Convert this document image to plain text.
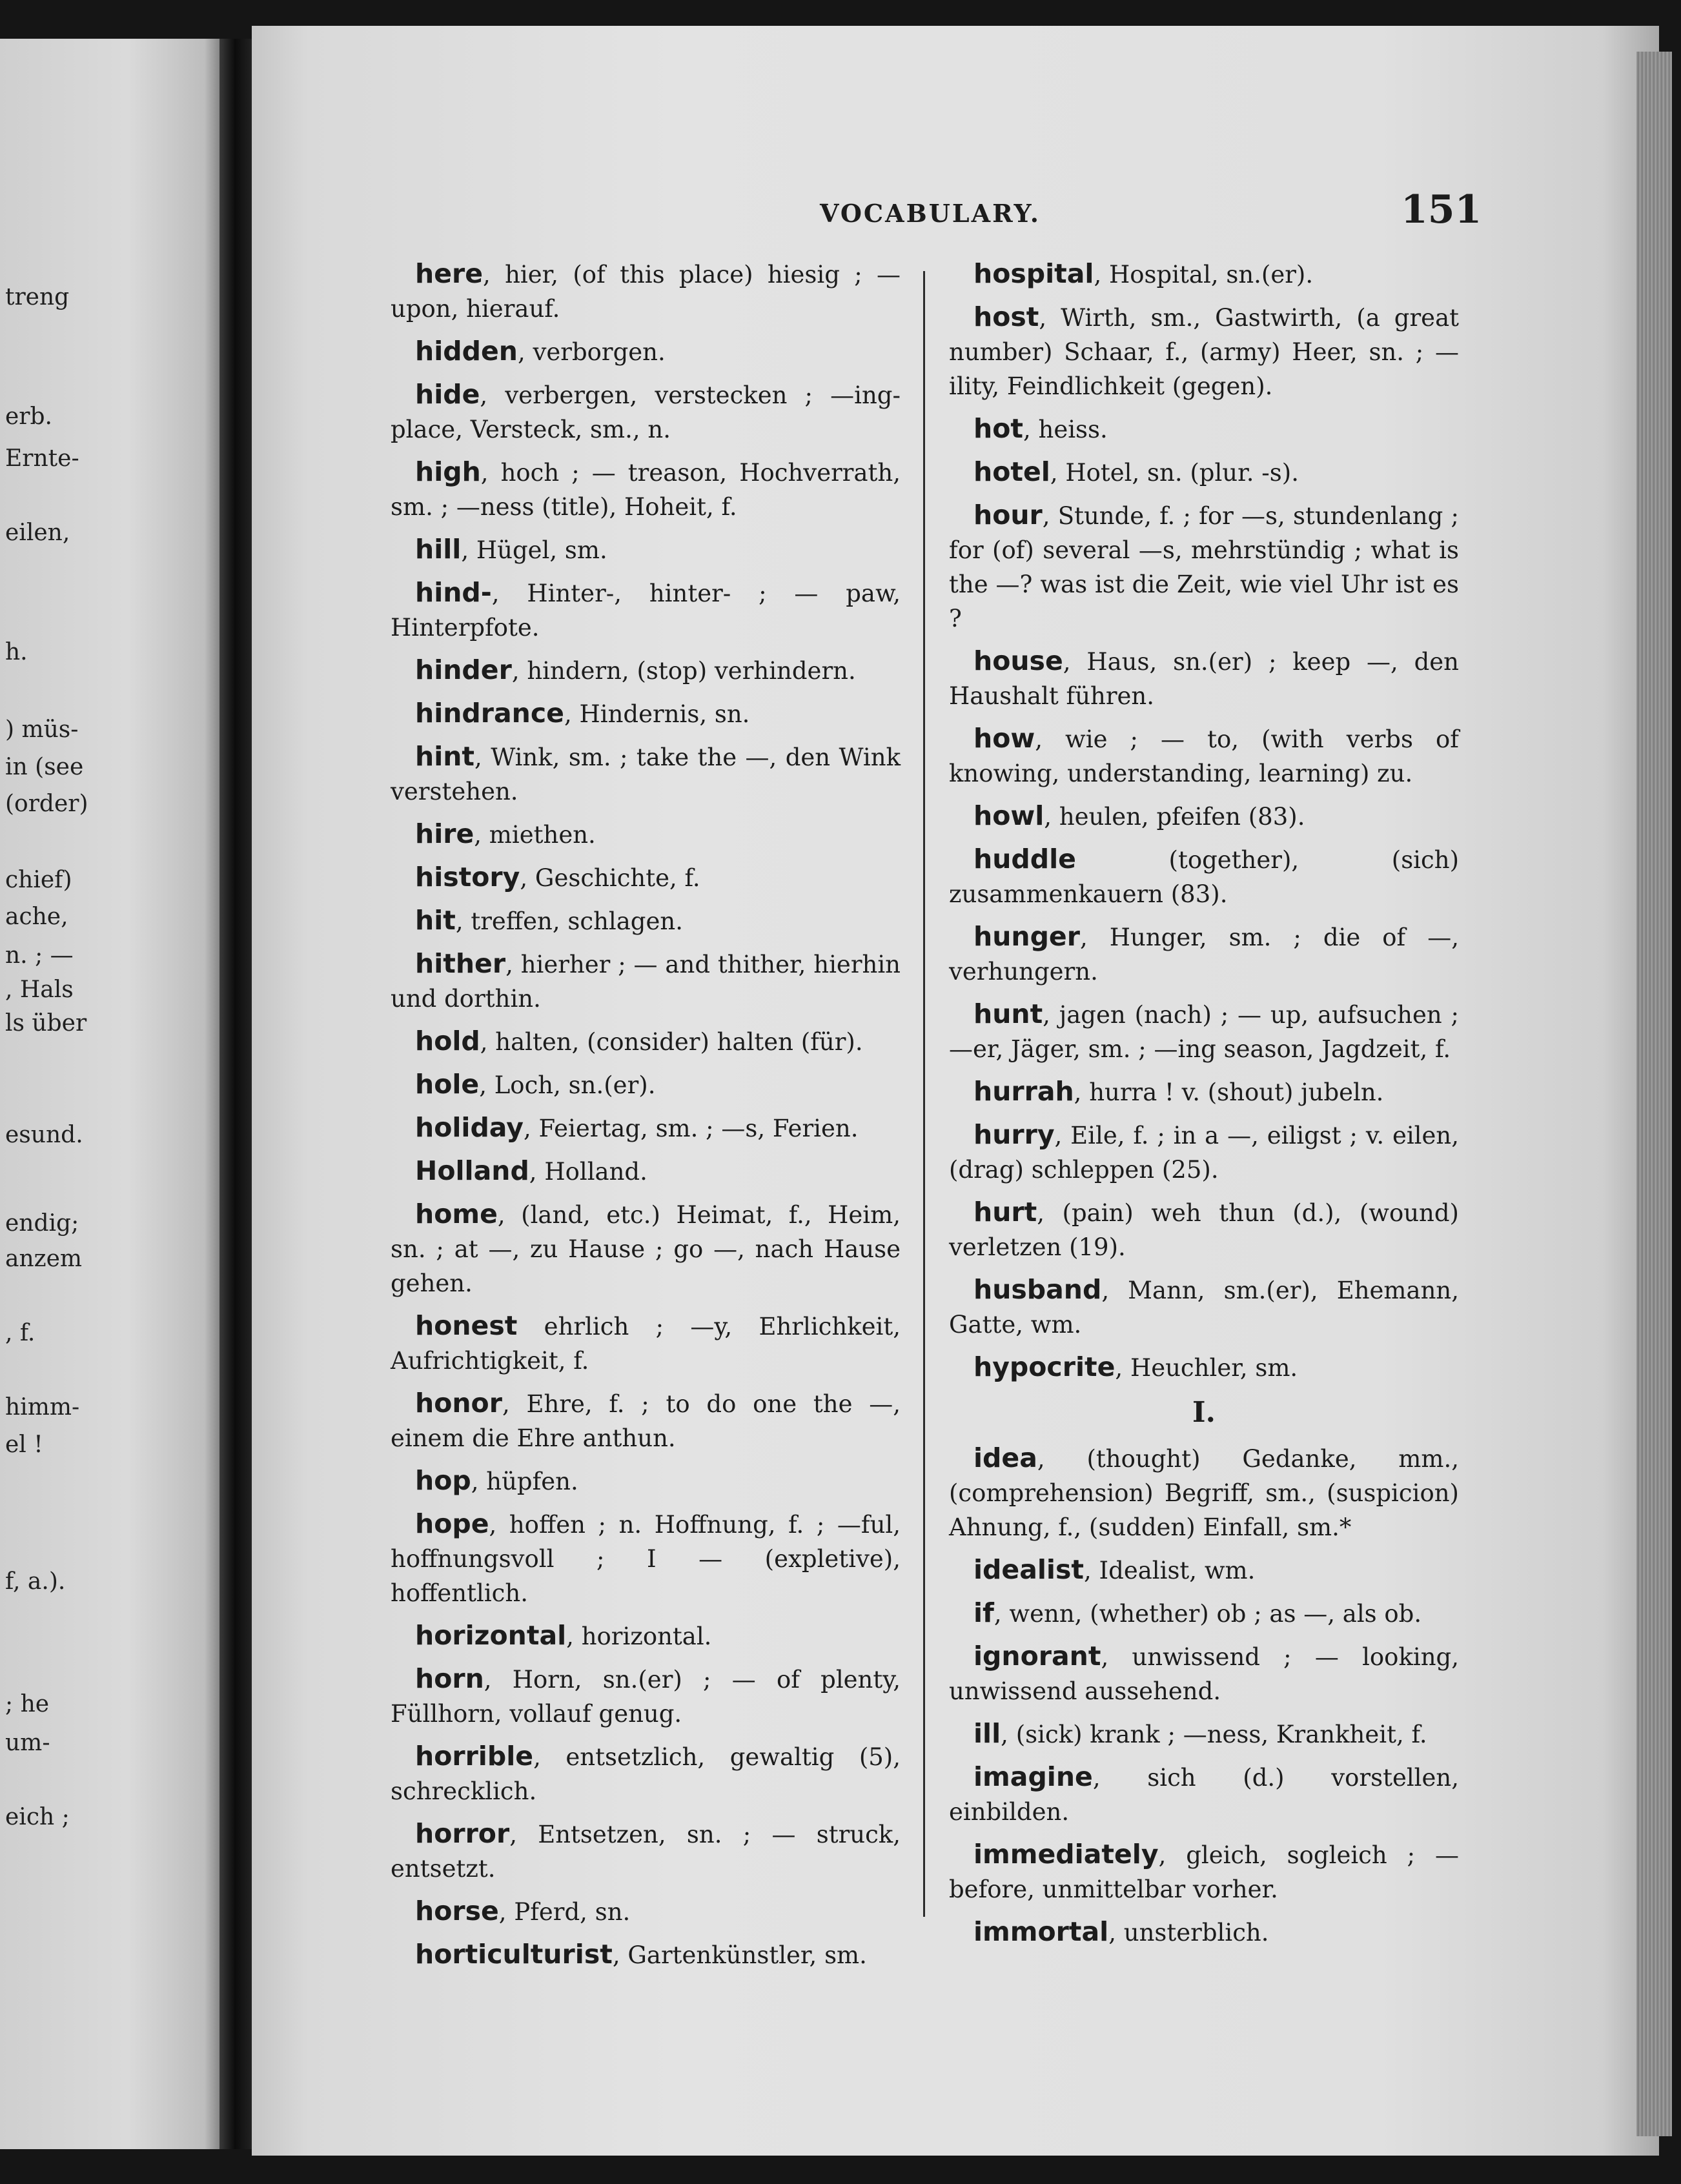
treng
erb.
Ernte-
eilen,
h.
) müs-
in (see
(order)
chief)
ache,
n. ; —
, Hals
ls über
esund.
endig;
anzem
, f.
himm-
el !
f, a.).
; he
um-
eich ;
VOCABULARY.	151
here, hier, (of this place) hiesig ; — upon, hierauf.
hidden, verborgen.
hide, verbergen, verstecken ; —ing-place, Versteck, sm., n.
high, hoch ; — treason, Hochverrath, sm. ; —ness (title), Hoheit, f.
hill, Hügel, sm.
hind-, Hinter-, hinter- ; — paw, Hinterpfote.
hinder, hindern, (stop) verhindern.
hindrance, Hindernis, sn.
hint, Wink, sm. ; take the —, den Wink verstehen.
hire, miethen.
history, Geschichte, f.
hit, treffen, schlagen.
hither, hierher ; — and thither, hierhin und dorthin.
hold, halten, (consider) halten (für).
hole, Loch, sn.(er).
holiday, Feiertag, sm. ; —s, Ferien.
Holland, Holland.
home, (land, etc.) Heimat, f., Heim, sn. ; at —, zu Hause ; go —, nach Hause gehen.
honest ehrlich ; —y, Ehrlichkeit, Aufrichtigkeit, f.
honor, Ehre, f. ; to do one the —, einem die Ehre anthun.
hop, hüpfen.
hope, hoffen ; n. Hoffnung, f. ; —ful, hoffnungsvoll ; I — (expletive), hoffentlich.
horizontal, horizontal.
horn, Horn, sn.(er) ; — of plenty, Füllhorn, vollauf genug.
horrible, entsetzlich, gewaltig (5), schrecklich.
horror, Entsetzen, sn. ; — struck, entsetzt.
horse, Pferd, sn.
horticulturist, Gartenkünstler, sm.
hospital, Hospital, sn.(er).
host, Wirth, sm., Gastwirth, (a great number) Schaar, f., (army) Heer, sn. ; —ility, Feindlichkeit (gegen).
hot, heiss.
hotel, Hotel, sn. (plur. -s).
hour, Stunde, f. ; for —s, stundenlang ; for (of) several —s, mehrstündig ; what is the —? was ist die Zeit, wie viel Uhr ist es ?
house, Haus, sn.(er) ; keep —, den Haushalt führen.
how, wie ; — to, (with verbs of knowing, understanding, learning) zu.
howl, heulen, pfeifen (83).
huddle (together), (sich) zusammenkauern (83).
hunger, Hunger, sm. ; die of —, verhungern.
hunt, jagen (nach) ; — up, aufsuchen ; —er, Jäger, sm. ; —ing season, Jagdzeit, f.
hurrah, hurra ! v. (shout) jubeln.
hurry, Eile, f. ; in a —, eiligst ; v. eilen, (drag) schleppen (25).
hurt, (pain) weh thun (d.), (wound) verletzen (19).
husband, Mann, sm.(er), Ehemann, Gatte, wm.
hypocrite, Heuchler, sm.
I.
idea, (thought) Gedanke, mm., (comprehension) Begriff, sm., (suspicion) Ahnung, f., (sudden) Einfall, sm.*
idealist, Idealist, wm.
if, wenn, (whether) ob ; as —, als ob.
ignorant, unwissend ; — looking, unwissend aussehend.
ill, (sick) krank ; —ness, Krankheit, f.
imagine, sich (d.) vorstellen, einbilden.
immediately, gleich, sogleich ; — before, unmittelbar vorher.
immortal, unsterblich.
